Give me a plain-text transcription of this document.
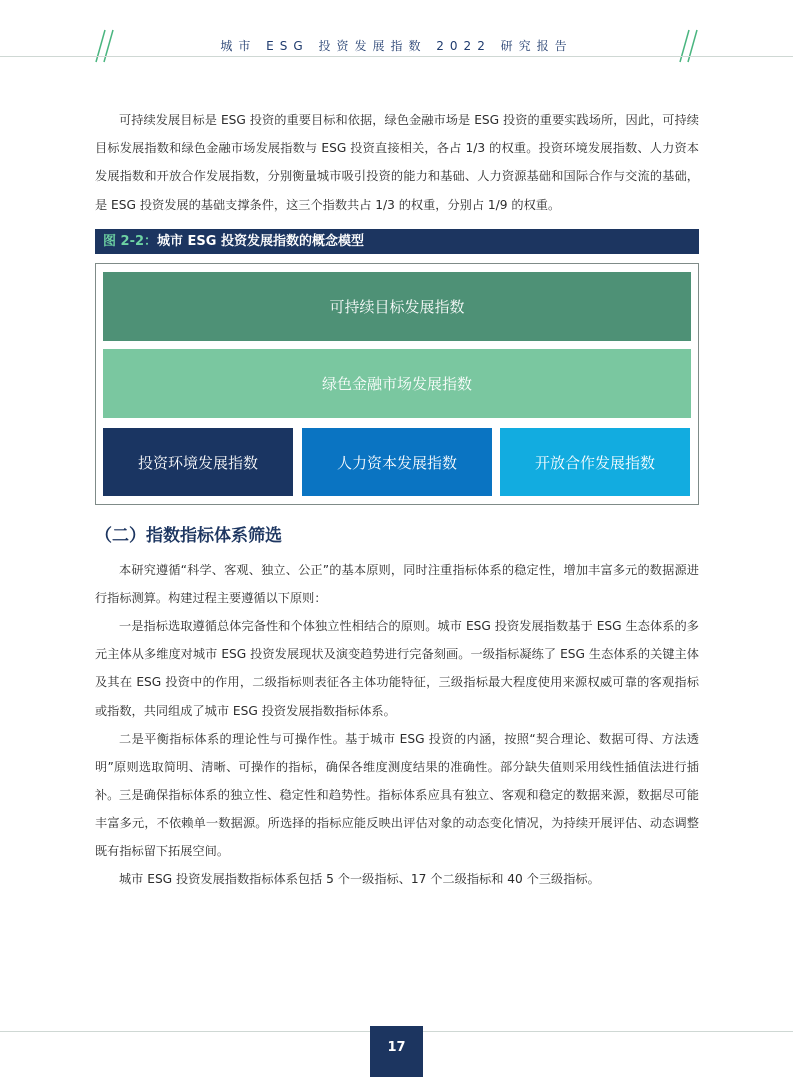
城市 ESG 投资发展指数 2022 研究报告

可持续发展目标是 ESG 投资的重要目标和依据，绿色金融市场是 ESG 投资的重要实践场所，因此，可持续目标发展指数和绿色金融市场发展指数与 ESG 投资直接相关，各占 1/3 的权重。投资环境发展指数、人力资本发展指数和开放合作发展指数，分别衡量城市吸引投资的能力和基础、人力资源基础和国际合作与交流的基础，是 ESG 投资发展的基础支撑条件，这三个指数共占 1/3 的权重，分别占 1/9 的权重。

图 2-2：城市 ESG 投资发展指数的概念模型
可持续目标发展指数
绿色金融市场发展指数
投资环境发展指数	人力资本发展指数	开放合作发展指数
（二）指数指标体系筛选

本研究遵循“科学、客观、独立、公正”的基本原则，同时注重指标体系的稳定性，增加丰富多元的数据源进行指标测算。构建过程主要遵循以下原则：

一是指标选取遵循总体完备性和个体独立性相结合的原则。城市 ESG 投资发展指数基于 ESG 生态体系的多元主体从多维度对城市 ESG 投资发展现状及演变趋势进行完备刻画。一级指标凝练了 ESG 生态体系的关键主体及其在 ESG 投资中的作用，二级指标则表征各主体功能特征，三级指标最大程度使用来源权威可靠的客观指标或指数，共同组成了城市 ESG 投资发展指数指标体系。

二是平衡指标体系的理论性与可操作性。基于城市 ESG 投资的内涵，按照“契合理论、数据可得、方法透明”原则选取简明、清晰、可操作的指标，确保各维度测度结果的准确性。部分缺失值则采用线性插值法进行插补。 三是确保指标体系的独立性、稳定性和趋势性。指标体系应具有独立、客观和稳定的数据来源，数据尽可能丰富多元，不依赖单一数据源。所选择的指标应能反映出评估对象的动态变化情况，为持续开展评估、动态调整既有指标留下拓展空间。

城市 ESG 投资发展指数指标体系包括 5 个一级指标、17 个二级指标和 40 个三级指标。

17
